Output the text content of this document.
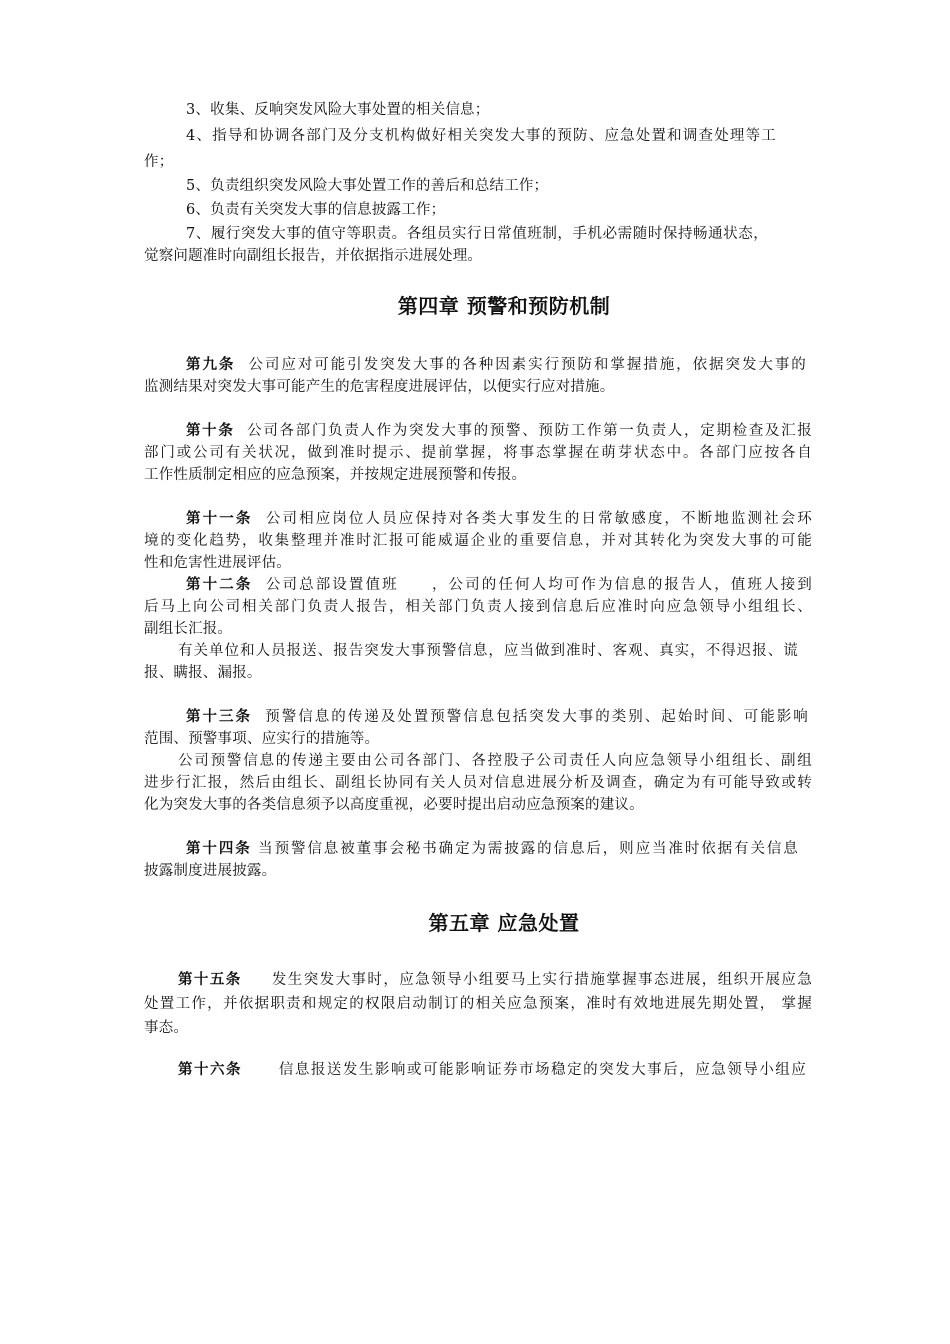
3、收集、反响突发风险大事处置的相关信息；
4、指导和协调各部门及分支机构做好相关突发大事的预防、应急处置和调查处理等工
作；
5、负责组织突发风险大事处置工作的善后和总结工作；
6、负责有关突发大事的信息披露工作；
7、履行突发大事的值守等职责。各组员实行日常值班制，手机必需随时保持畅通状态，
觉察问题准时向副组长报告，并依据指示进展处理。
第四章 预警和预防机制
第九条 公司应对可能引发突发大事的各种因素实行预防和掌握措施，依据突发大事的
监测结果对突发大事可能产生的危害程度进展评估，以便实行应对措施。
第十条 公司各部门负责人作为突发大事的预警、预防工作第一负责人，定期检查及汇报
部门或公司有关状况，做到准时提示、提前掌握，将事态掌握在萌芽状态中。各部门应按各自
工作性质制定相应的应急预案，并按规定进展预警和传报。
第十一条 公司相应岗位人员应保持对各类大事发生的日常敏感度，不断地监测社会环
境的变化趋势，收集整理并准时汇报可能威逼企业的重要信息，并对其转化为突发大事的可能
性和危害性进展评估。
第十二条 公司总部设置值班　　，公司的任何人均可作为信息的报告人，值班人接到
后马上向公司相关部门负责人报告，相关部门负责人接到信息后应准时向应急领导小组组长、
副组长汇报。
有关单位和人员报送、报告突发大事预警信息，应当做到准时、客观、真实，不得迟报、谎
报、瞒报、漏报。
第十三条 预警信息的传递及处置预警信息包括突发大事的类别、起始时间、可能影响
范围、预警事项、应实行的措施等。
公司预警信息的传递主要由公司各部门、各控股子公司责任人向应急领导小组组长、副组
进步行汇报，然后由组长、副组长协同有关人员对信息进展分析及调查，确定为有可能导致或转
化为突发大事的各类信息须予以高度重视，必要时提出启动应急预案的建议。
第十四条 当预警信息被董事会秘书确定为需披露的信息后，则应当准时依据有关信息
披露制度进展披露。
第五章 应急处置
第十五条 发生突发大事时，应急领导小组要马上实行措施掌握事态进展，组织开展应急
处置工作，并依据职责和规定的权限启动制订的相关应急预案，准时有效地进展先期处置， 掌握
事态。
第十六条	信息报送发生影响或可能影响证券市场稳定的突发大事后，应急领导小组应
